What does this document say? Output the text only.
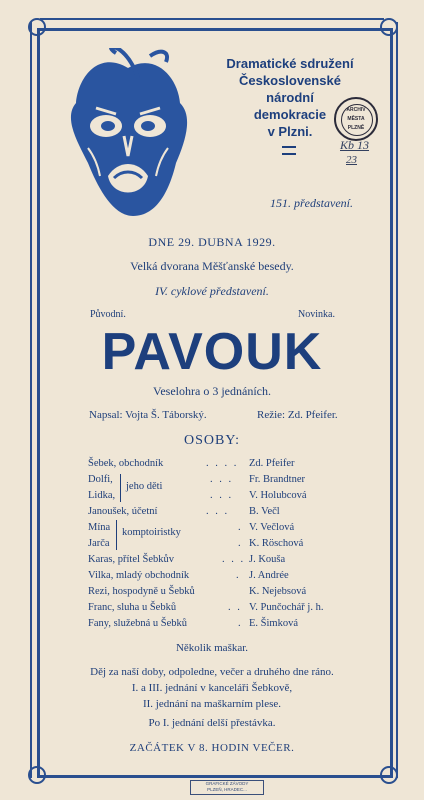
Dramatické sdružení
Československé
národní
demokracie
v Plzni.
ARCHIV
MĚSTA
PLZNĚ
Kb 13
23
151. představení.
DNE 29. DUBNA 1929.
Velká dvorana Měšťanské besedy.
IV. cyklové představení.
Původní.	Novinka.
PAVOUK
Veselohra o 3 jednáních.
Napsal: Vojta Š. Táborský.	Režie: Zd. Pfeifer.
OSOBY:
Šebek, obchodník	. . . . Zd. Pfeifer
Dolfi,	. . . Fr. Brandtner
Lidka,	. . . V. Holubcová
jeho děti
Janoušek, účetní	. . . B. Večl
Mína	. V. Večlová
Jarča	. K. Röschová
komptoiristky
Karas, přítel Šebkův	. . . J. Kouša
Vilka, mladý obchodník	. J. Andrée
Rezi, hospodyně u Šebků	K. Nejebsová
Franc, sluha u Šebků	. . V. Punčochář j. h.
Fany, služebná u Šebků	. E. Šimková
Několik maškar.
Děj za naší doby, odpoledne, večer a druhého dne ráno.
I. a III. jednání v kanceláři Šebkově,
II. jednání na maškarním plese.
Po I. jednání delší přestávka.
ZAČÁTEK V 8. HODIN VEČER.
GRAFICKÉ ZÁVODY
PLZEŇ, HRADEC...
